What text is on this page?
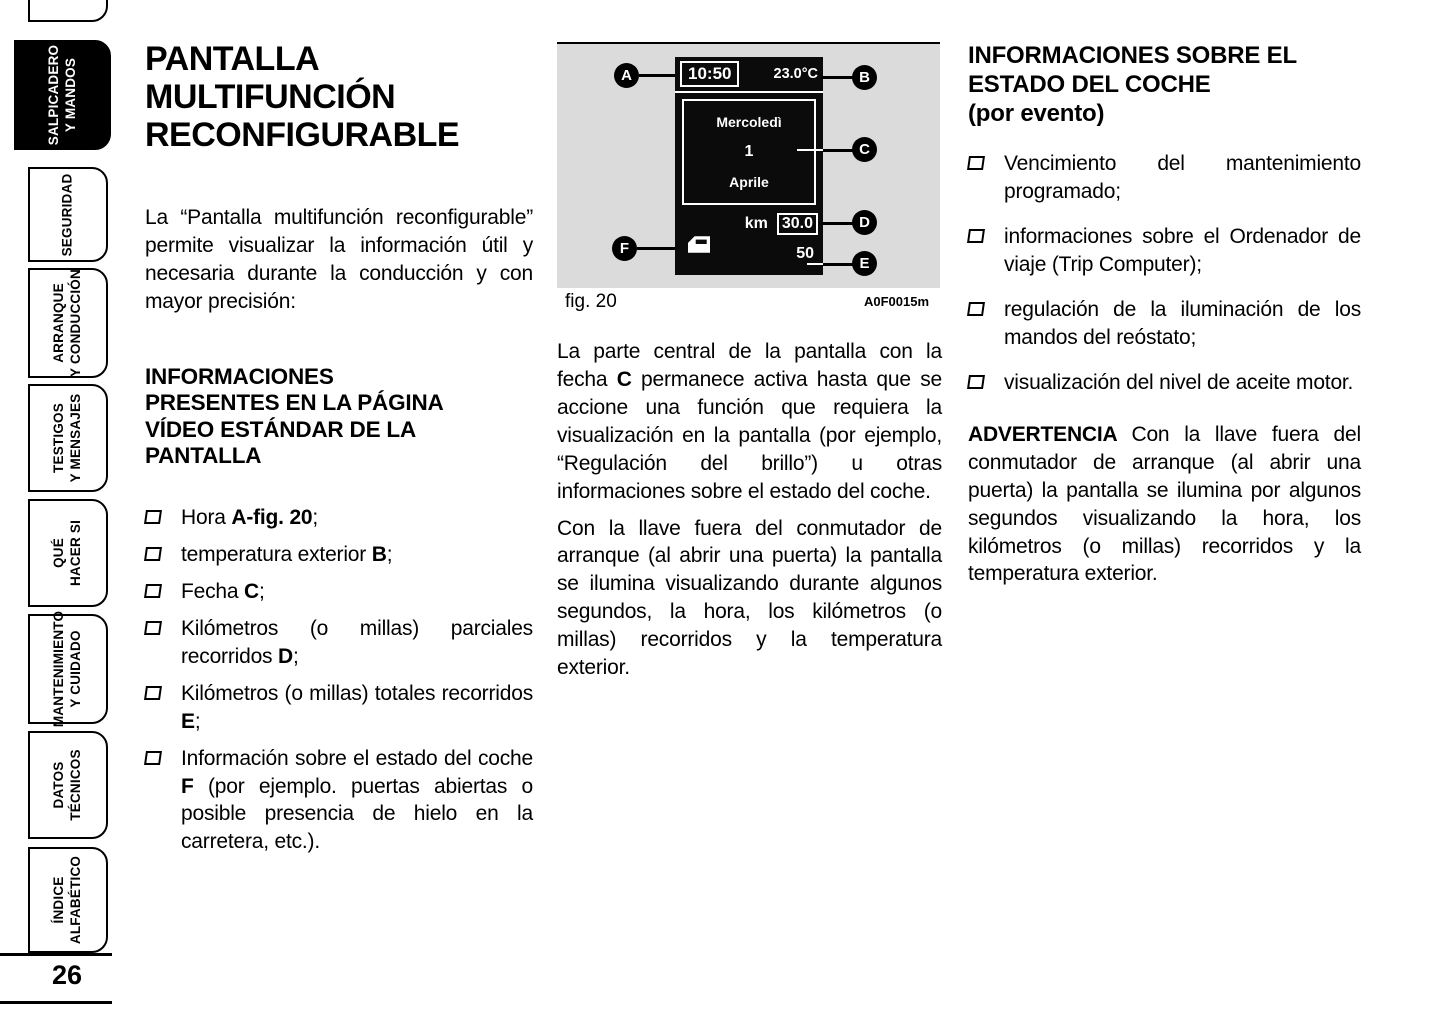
SALPICADERO Y MANDOS
SEGURIDAD
ARRANQUE Y CONDUCCIÓN
TESTIGOS Y MENSAJES
QUÉ HACER SI
MANTENIMIENTO Y CUIDADO
DATOS TÉCNICOS
ÍNDICE ALFABÉTICO
26
PANTALLA
MULTIFUNCIÓN
RECONFIGURABLE

La “Pantalla multifunción reconfigurable” permite visualizar la información útil y necesaria durante la conducción y con mayor precisión:

INFORMACIONES
PRESENTES EN LA PÁGINA
VÍDEO ESTÁNDAR DE LA
PANTALLA
Hora A-fig. 20;
temperatura exterior B;
Fecha C;
Kilómetros (o millas) parciales recorridos D;
Kilómetros (o millas) totales recorridos E;
Información sobre el estado del coche F (por ejemplo. puertas abiertas o posible presencia de hielo en la carretera, etc.).
10:50	23.0°C
Mercoledì
1
Aprile
km 30.0
50
A	B
C
D
E
F
fig. 20	A0F0015m

La parte central de la pantalla con la fecha C permanece activa hasta que se accione una función que requiera la visualización en la pantalla (por ejemplo, “Regulación del brillo”) u otras informaciones sobre el estado del coche.

Con la llave fuera del conmutador de arranque (al abrir una puerta) la pantalla se ilumina visualizando durante algunos segundos, la hora, los kilómetros (o millas) recorridos y la temperatura exterior.

INFORMACIONES SOBRE EL
ESTADO DEL COCHE
(por evento)
Vencimiento del mantenimiento programado;
informaciones sobre el Ordenador de viaje (Trip Computer);
regulación de la iluminación de los mandos del reóstato;
visualización del nivel de aceite motor.

ADVERTENCIA Con la llave fuera del conmutador de arranque (al abrir una puerta) la pantalla se ilumina por algunos segundos visualizando la hora, los kilómetros (o millas) recorridos y la temperatura exterior.
